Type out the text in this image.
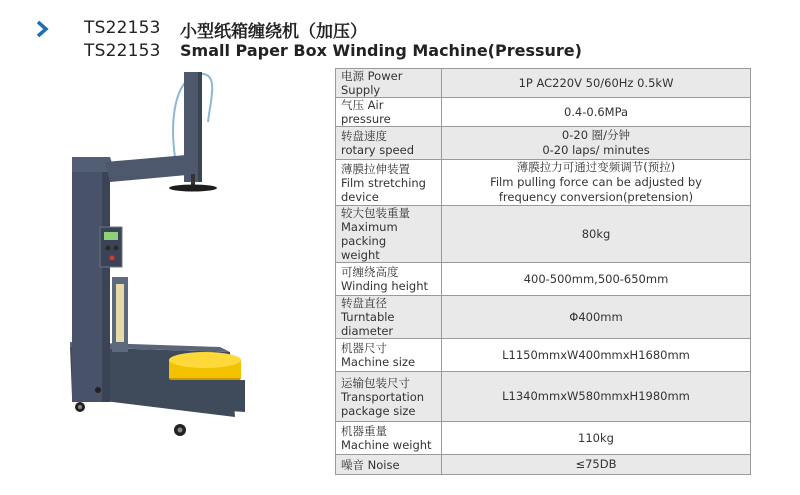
TS22153
TS22153
小型纸箱缠绕机（加压）
Small Paper Box Winding Machine(Pressure)
电源 Power Supply	1P AC220V 50/60Hz 0.5kW

气压 Air pressure	0.4-0.6MPa

转盘速度
rotary speed	0-20 圈/分钟
0-20 laps/ minutes

薄膜拉伸装置
Film stretching
device	薄膜拉力可通过变频调节(预拉)
Film pulling force can be adjusted by
frequency conversion(pretension)

较大包装重量
Maximum packing
weight	80kg

可缠绕高度
Winding height	400-500mm,500-650mm

转盘直径
Turntable diameter	Φ400mm

机器尺寸
Machine size	L1150mmxW400mmxH1680mm

运输包装尺寸
Transportation
package size	L1340mmxW580mmxH1980mm

机器重量
Machine weight	110kg

噪音 Noise	≤75DB
